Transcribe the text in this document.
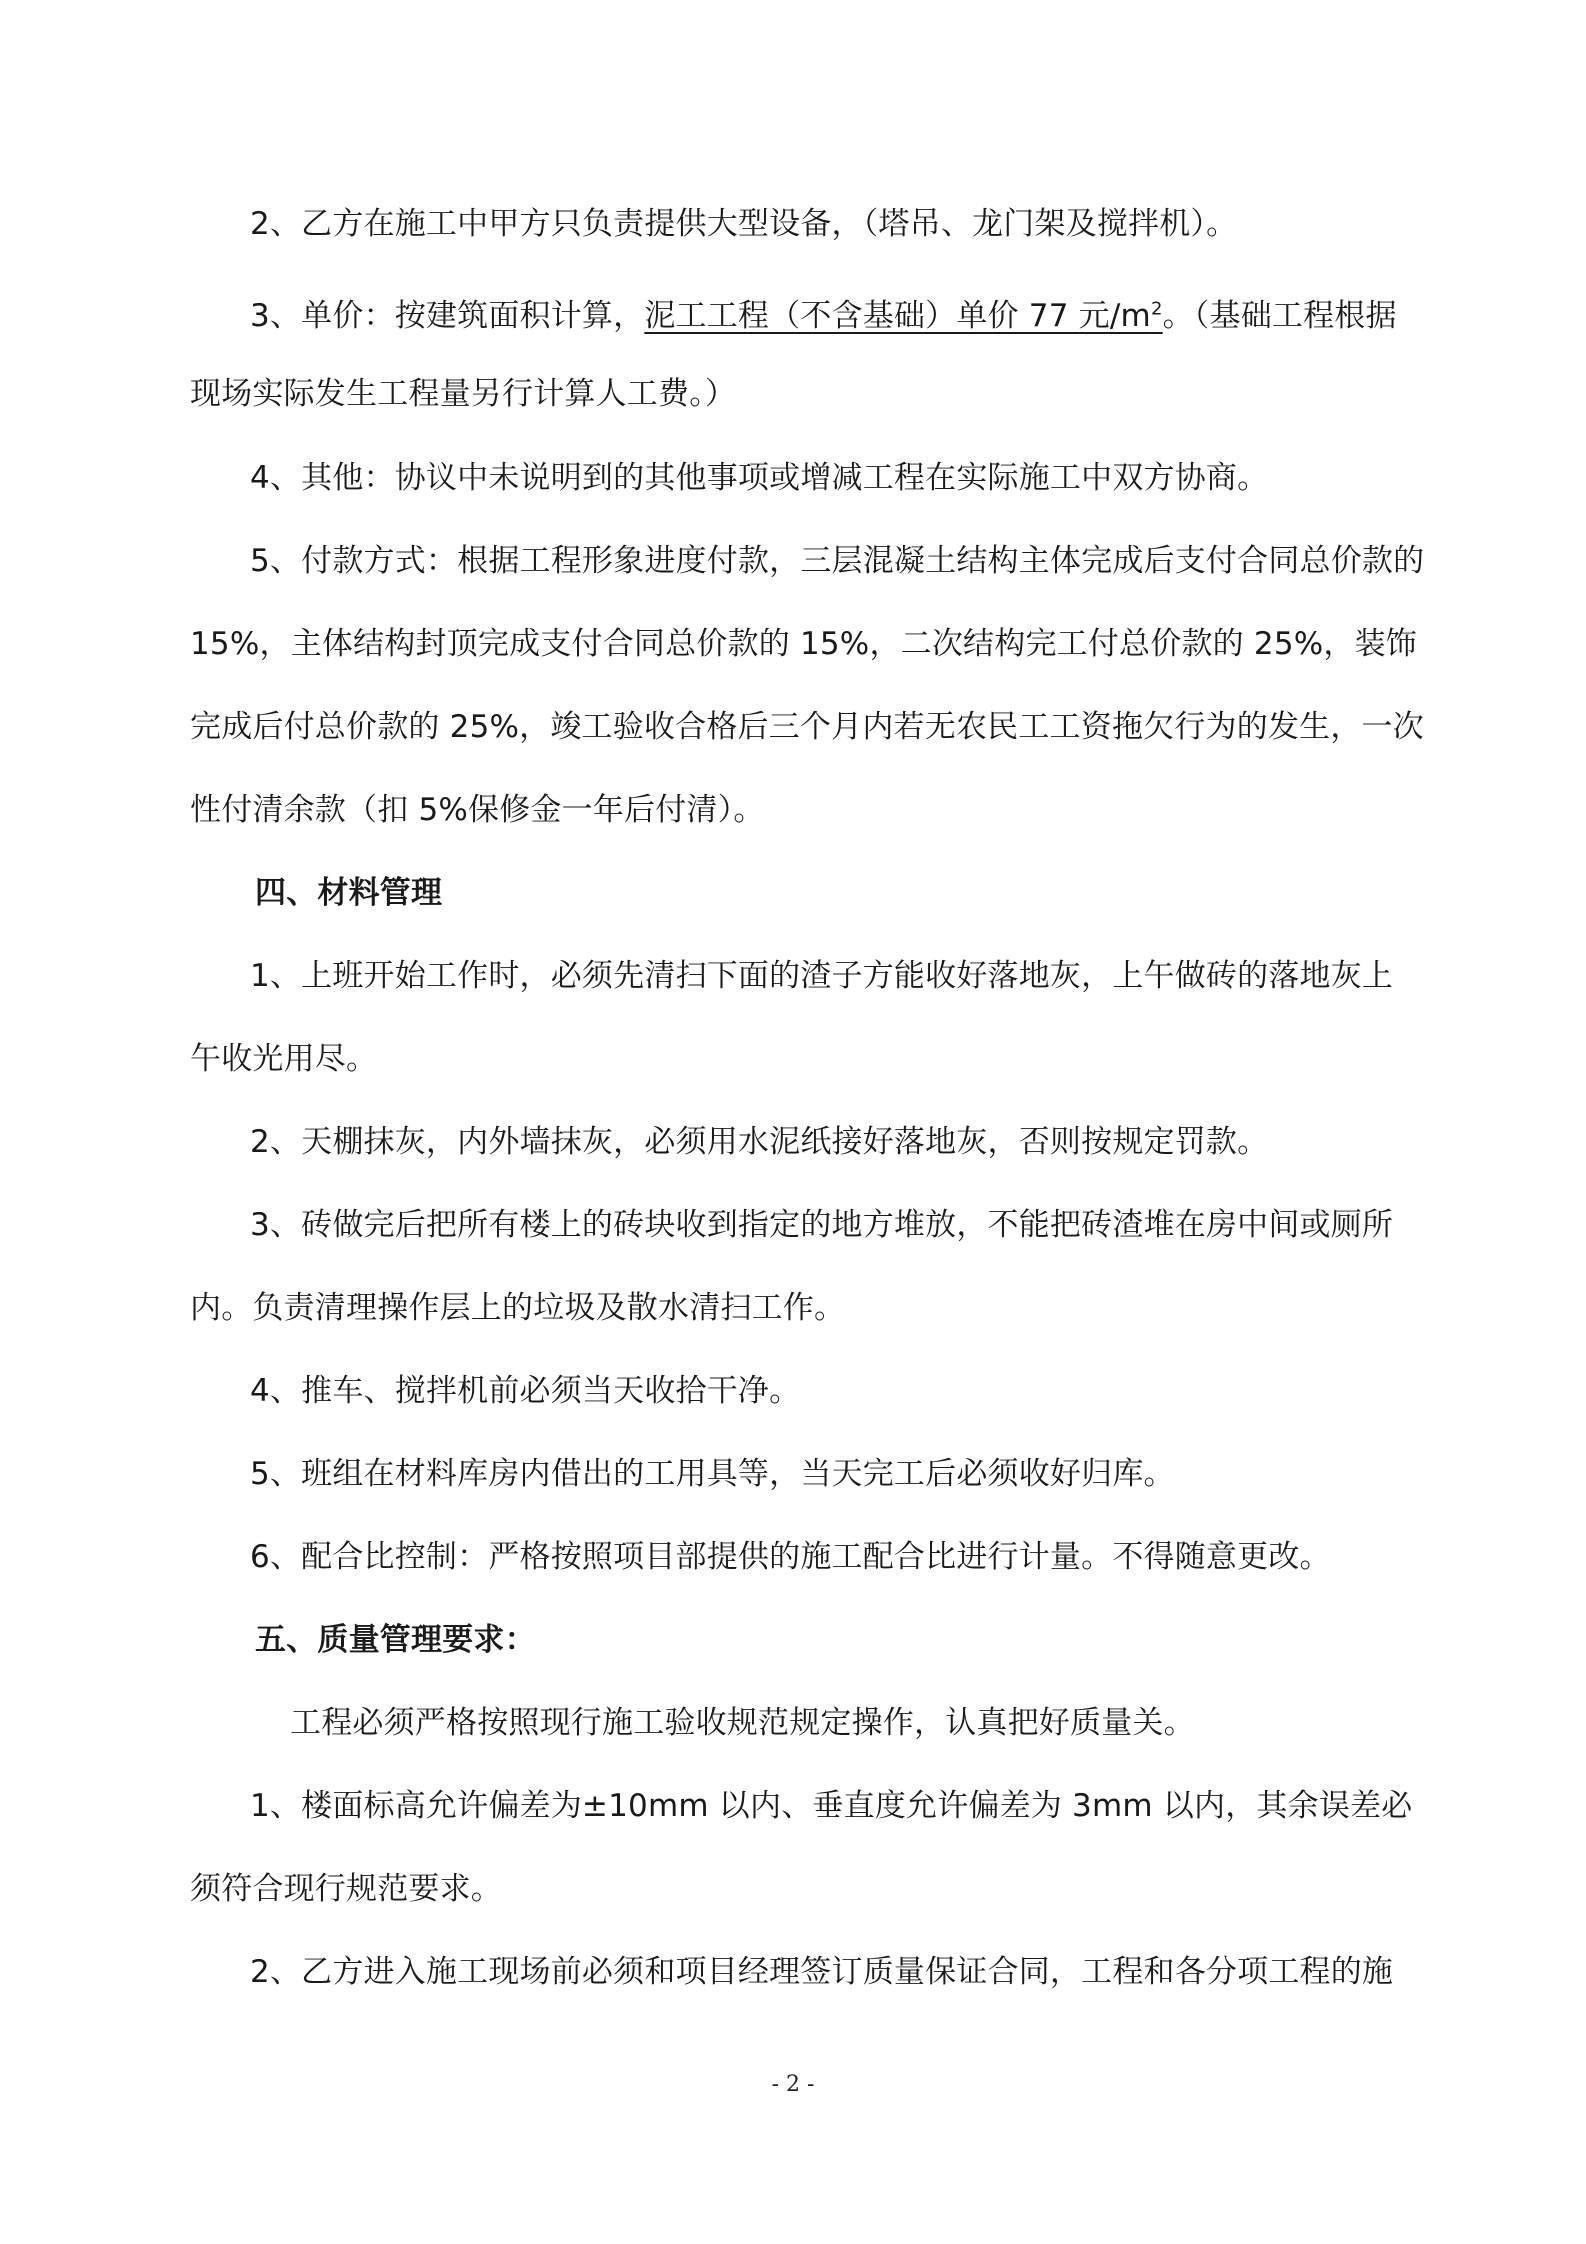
2、乙方在施工中甲方只负责提供大型设备，（塔吊、龙门架及搅拌机）。
3、单价：按建筑面积计算，泥工工程（不含基础）单价 77 元$/m^2$。（基础工程根据
现场实际发生工程量另行计算人工费。）
4、其他：协议中未说明到的其他事项或增减工程在实际施工中双方协商。
5、付款方式：根据工程形象进度付款，三层混凝土结构主体完成后支付合同总价款的
15%，主体结构封顶完成支付合同总价款的 15%，二次结构完工付总价款的 25%，装饰
完成后付总价款的 25%，竣工验收合格后三个月内若无农民工工资拖欠行为的发生，一次
性付清余款（扣 5%保修金一年后付清）。
四、材料管理
1、上班开始工作时，必须先清扫下面的渣子方能收好落地灰，上午做砖的落地灰上
午收光用尽。
2、天棚抹灰，内外墙抹灰，必须用水泥纸接好落地灰，否则按规定罚款。
3、砖做完后把所有楼上的砖块收到指定的地方堆放，不能把砖渣堆在房中间或厕所
内。负责清理操作层上的垃圾及散水清扫工作。
4、推车、搅拌机前必须当天收拾干净。
5、班组在材料库房内借出的工用具等，当天完工后必须收好归库。
6、配合比控制：严格按照项目部提供的施工配合比进行计量。不得随意更改。
五、质量管理要求：
工程必须严格按照现行施工验收规范规定操作，认真把好质量关。
1、楼面标高允许偏差为±10mm 以内、垂直度允许偏差为 3mm 以内，其余误差必
须符合现行规范要求。
2、乙方进入施工现场前必须和项目经理签订质量保证合同，工程和各分项工程的施
- 2 -
